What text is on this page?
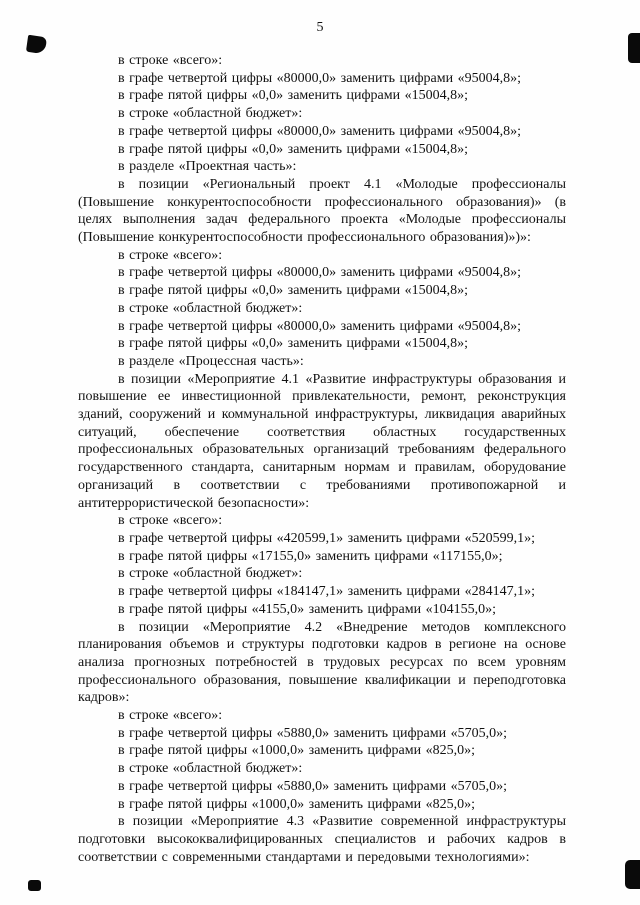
5

в строке «всего»:

в графе четвертой цифры «80000,0» заменить цифрами «95004,8»;

в графе пятой цифры «0,0» заменить цифрами «15004,8»;

в строке «областной бюджет»:

в графе четвертой цифры «80000,0» заменить цифрами «95004,8»;

в графе пятой цифры «0,0» заменить цифрами «15004,8»;

в разделе «Проектная часть»:

в позиции «Региональный проект 4.1 «Молодые профессионалы (Повышение конкурентоспособности профессионального образования)» (в целях выполнения задач федерального проекта «Молодые профессионалы (Повышение конкурентоспособности профессионального образования)»)»:

в строке «всего»:

в графе четвертой цифры «80000,0» заменить цифрами «95004,8»;

в графе пятой цифры «0,0» заменить цифрами «15004,8»;

в строке «областной бюджет»:

в графе четвертой цифры «80000,0» заменить цифрами «95004,8»;

в графе пятой цифры «0,0» заменить цифрами «15004,8»;

в разделе «Процессная часть»:

в позиции «Мероприятие 4.1 «Развитие инфраструктуры образования и повышение ее инвестиционной привлекательности, ремонт, реконструкция зданий, сооружений и коммунальной инфраструктуры, ликвидация аварийных ситуаций, обеспечение соответствия областных государственных профессиональных образовательных организаций требованиям федерального государственного стандарта, санитарным нормам и правилам, оборудование организаций в соответствии с требованиями противопожарной и антитеррористической безопасности»:

в строке «всего»:

в графе четвертой цифры «420599,1» заменить цифрами «520599,1»;

в графе пятой цифры «17155,0» заменить цифрами «117155,0»;

в строке «областной бюджет»:

в графе четвертой цифры «184147,1» заменить цифрами «284147,1»;

в графе пятой цифры «4155,0» заменить цифрами «104155,0»;

в позиции «Мероприятие 4.2 «Внедрение методов комплексного планирования объемов и структуры подготовки кадров в регионе на основе анализа прогнозных потребностей в трудовых ресурсах по всем уровням профессионального образования, повышение квалификации и переподготовка кадров»:

в строке «всего»:

в графе четвертой цифры «5880,0» заменить цифрами «5705,0»;

в графе пятой цифры «1000,0» заменить цифрами «825,0»;

в строке «областной бюджет»:

в графе четвертой цифры «5880,0» заменить цифрами «5705,0»;

в графе пятой цифры «1000,0» заменить цифрами «825,0»;

в позиции «Мероприятие 4.3 «Развитие современной инфраструктуры подготовки высококвалифицированных специалистов и рабочих кадров в соответствии с современными стандартами и передовыми технологиями»:
